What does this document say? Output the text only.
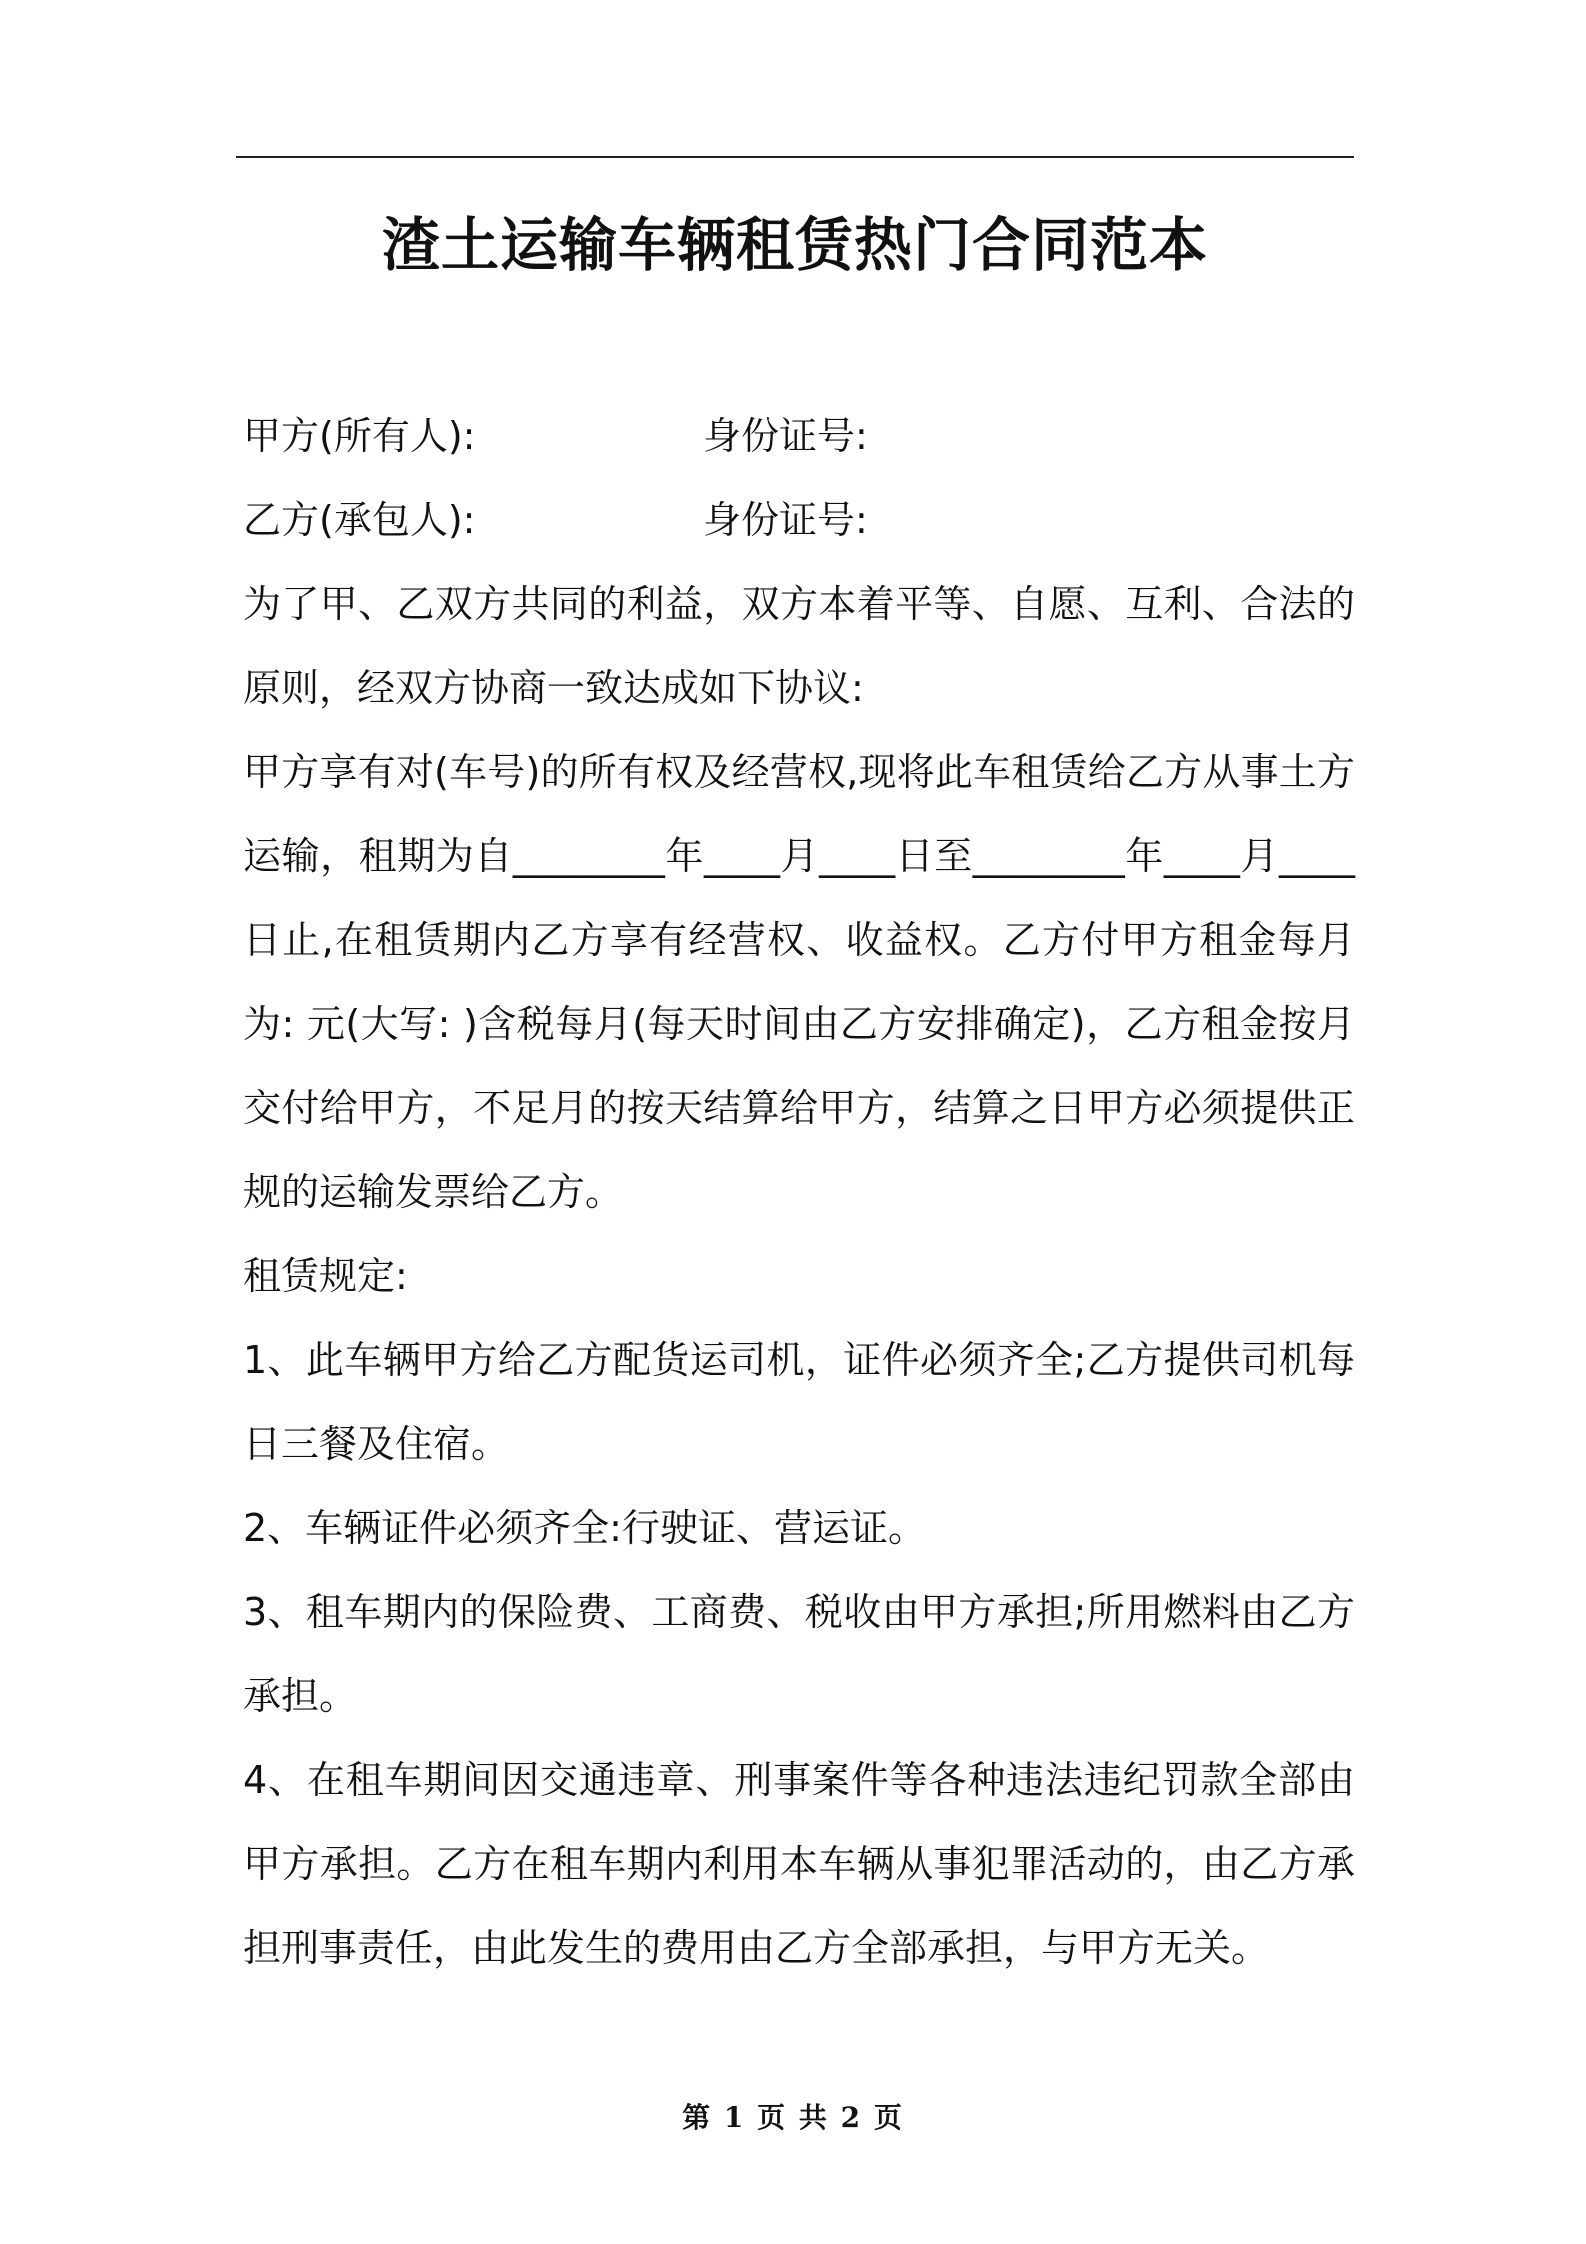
渣土运输车辆租赁热门合同范本
甲方(所有人):	身份证号:
乙方(承包人):	身份证号:

为了甲、乙双方共同的利益，双方本着平等、自愿、互利、合法的原则，经双方协商一致达成如下协议:

甲方享有对(车号)的所有权及经营权,现将此车租赁给乙方从事土方运输，租期为自________年____月____日至________年____月____日止,在租赁期内乙方享有经营权、收益权。乙方付甲方租金每月为: 元(大写: )含税每月(每天时间由乙方安排确定)，乙方租金按月交付给甲方，不足月的按天结算给甲方，结算之日甲方必须提供正规的运输发票给乙方。

租赁规定:

1、此车辆甲方给乙方配货运司机，证件必须齐全;乙方提供司机每日三餐及住宿。

2、车辆证件必须齐全:行驶证、营运证。

3、租车期内的保险费、工商费、税收由甲方承担;所用燃料由乙方承担。

4、在租车期间因交通违章、刑事案件等各种违法违纪罚款全部由甲方承担。乙方在租车期内利用本车辆从事犯罪活动的，由乙方承担刑事责任，由此发生的费用由乙方全部承担，与甲方无关。

第 1 页 共 2 页
